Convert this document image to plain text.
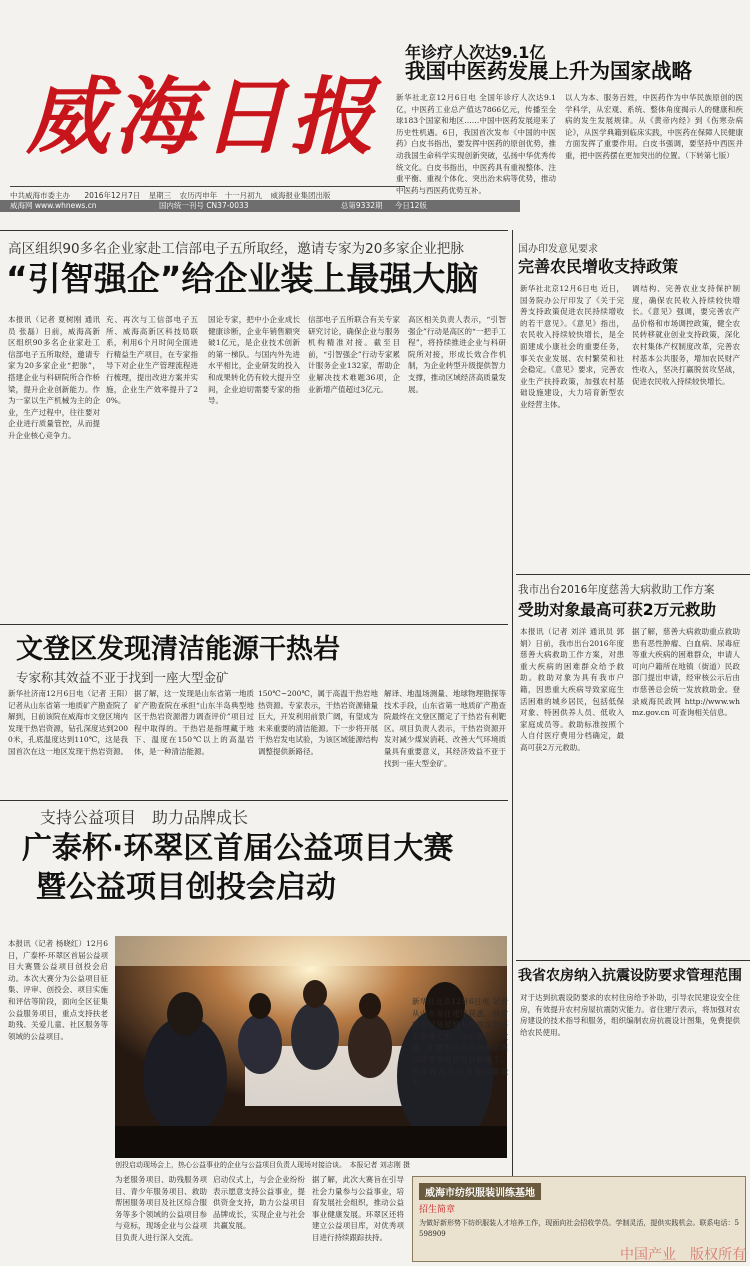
威海日报
中共威海市委主办 2016年12月7日 星期三 农历丙申年　十一月初九 威海报业集团出版
威海网 www.whnews.cn	国内统一刊号 CN37-0033	总第9332期 今日12版
年诊疗人次达9.1亿
我国中医药发展上升为国家战略
新华社北京12月6日电 全国年诊疗人次达9.1亿，中医药工业总产值达7866亿元，传播至全球183个国家和地区……中国中医药发展迎来了历史性机遇。6日，我国首次发布《中国的中医药》白皮书指出，要发挥中医药的原创优势，推动我国生命科学实现创新突破，弘扬中华优秀传统文化。白皮书指出，中医药具有重视整体、注重平衡、重视个体化、突出治未病等优势，推动中医药与西医药优势互补。
以人为本、服务百姓，中医药作为中华民族原创的医学科学，从宏观、系统、整体角度揭示人的健康和疾病的发生发展规律。从《黄帝内经》到《伤寒杂病论》，从医学典籍到临床实践，中医药在保障人民健康方面发挥了重要作用。白皮书强调，要坚持中西医并重，把中医药摆在更加突出的位置。（下转第七版）
高区组织90多名企业家赴工信部电子五所取经，邀请专家为20多家企业把脉
“引智强企”给企业装上最强大脑
本报讯（记者 夏树刚 通讯员 张磊）日前，威海高新区组织90多名企业家赴工信部电子五所取经，邀请专家为20多家企业“把脉”，搭建企业与科研院所合作桥梁，提升企业创新能力。作为一家以生产机械为主的企业，生产过程中，往往要对企业进行质量管控，从而提升企业核心竞争力。
充、再次与工信部电子五所、威海高新区科技局联系，利用6个月时间全面进行精益生产项目，在专家指导下对企业生产管理流程进行梳理，提出改进方案并实施，企业生产效率提升了20%。
国论专家，把中小企业成长健康诊断，企业年销售额突破1亿元，是企业技术创新的第一梯队。与国内外先进水平相比，企业研发的投入和成果转化仍有较大提升空间，企业迫切需要专家的指导。
信部电子五所联合有关专家研究讨论，确保企业与服务机构精准对接。截至目前，“引智强企”行动专家累计服务企业132家，帮助企业解决技术难题36项，企业新增产值超过3亿元。
高区相关负责人表示，“引智强企”行动是高区的“一把手工程”，将持续推进企业与科研院所对接，形成长效合作机制，为企业转型升级提供智力支撑，推动区域经济高质量发展。
国办印发意见要求
完善农民增收支持政策
新华社北京12月6日电 近日，国务院办公厅印发了《关于完善支持政策促进农民持续增收的若干意见》。《意见》指出，农民收入持续较快增长，是全面建成小康社会的重要任务，事关农业发展、农村繁荣和社会稳定。《意见》要求，完善农业生产扶持政策，加强农村基础设施建设，大力培育新型农业经营主体。
调结构、完善农业支持保护制度，确保农民收入持续较快增长。《意见》强调，要完善农产品价格和市场调控政策，健全农民转移就业创业支持政策，深化农村集体产权制度改革，完善农村基本公共服务，增加农民财产性收入，坚决打赢脱贫攻坚战，促进农民收入持续较快增长。
我市出台2016年度慈善大病救助工作方案
受助对象最高可获2万元救助
本报讯（记者 刘洋 通讯员 郭娟）日前，我市出台2016年度慈善大病救助工作方案，对患重大疾病的困难群众给予救助。救助对象为具有我市户籍，因患重大疾病导致家庭生活困难的城乡居民，包括低保对象、特困供养人员、低收入家庭成员等。救助标准按照个人自付医疗费用分档确定，最高可获2万元救助。
据了解，慈善大病救助重点救助患有恶性肿瘤、白血病、尿毒症等重大疾病的困难群众，申请人可向户籍所在地镇（街道）民政部门提出申请，经审核公示后由市慈善总会统一发放救助金。登录威海民政网 http://www.whmz.gov.cn 可查询相关信息。
文登区发现清洁能源干热岩
专家称其效益不亚于找到一座大型金矿
新华社济南12月6日电（记者 王阳）记者从山东省第一地质矿产勘查院了解到，日前该院在威海市文登区境内发现干热岩资源，钻孔深度达到2000米，孔底温度达到110℃，这是我国首次在这一地区发现干热岩资源。
据了解，这一发现是山东省第一地质矿产勘查院在承担“山东半岛典型地区干热岩资源潜力调查评价”项目过程中取得的。干热岩是指埋藏于地下、温度在150℃以上的高温岩体，是一种清洁能源。
150℃~200℃，属于高温干热岩地热资源。专家表示，干热岩资源储量巨大，开发利用前景广阔，有望成为未来重要的清洁能源。下一步将开展干热岩发电试验，为该区域能源结构调整提供新路径。
解译、地温场测量、地球物理勘探等技术手段，山东省第一地质矿产勘查院最终在文登区圈定了干热岩有利靶区。项目负责人表示，干热岩资源开发对减少煤炭消耗、改善大气环境质量具有重要意义，其经济效益不亚于找到一座大型金矿。
支持公益项目　助力品牌成长
广泰杯·环翠区首届公益项目大赛
暨公益项目创投会启动
本报讯（记者 杨晓红）12月6日，广泰杯·环翠区首届公益项目大赛暨公益项目创投会启动。本次大赛分为公益项目征集、评审、创投会、项目实施和评估等阶段，面向全区征集公益服务项目，重点支持扶老助残、关爱儿童、社区服务等领域的公益项目。
创投启动现场会上，热心公益事业的企业与公益项目负责人现场对接洽谈。　本报记者 刘志刚 摄
为老服务项目、助残服务项目、青少年服务项目、救助帮困服务项目及社区综合服务等多个领域的公益项目参与竞标，现场企业与公益项目负责人进行深入交流。
启动仪式上，与会企业纷纷表示愿意支持公益事业，提供资金支持，助力公益项目品牌成长，实现企业与社会共赢发展。
据了解，此次大赛旨在引导社会力量参与公益事业，培育发展社会组织，推动公益事业健康发展。环翠区还将建立公益项目库，对优秀项目进行持续跟踪扶持。
我省农房纳入抗震设防要求管理范围
新华社北京12月6日电 记者从山东省住建厅获悉，我省将农村房屋纳入抗震设防要求管理范围，今后新建、改建、扩建农房应当按照抗震设防要求进行设计和施工，切实提高农村房屋抗震能力。
对于达到抗震设防要求的农村住房给予补助，引导农民建设安全住房，有效提升农村房屋抗震防灾能力。省住建厅表示，将加强对农房建设的技术指导和服务，组织编制农房抗震设计图集，免费提供给农民使用。
威海市纺织服装训练基地
招生简章
为做好新形势下纺织服装人才培养工作，现面向社会招收学员。学制灵活，提供实践机会。联系电话：5598909
中国产业　版权所有
